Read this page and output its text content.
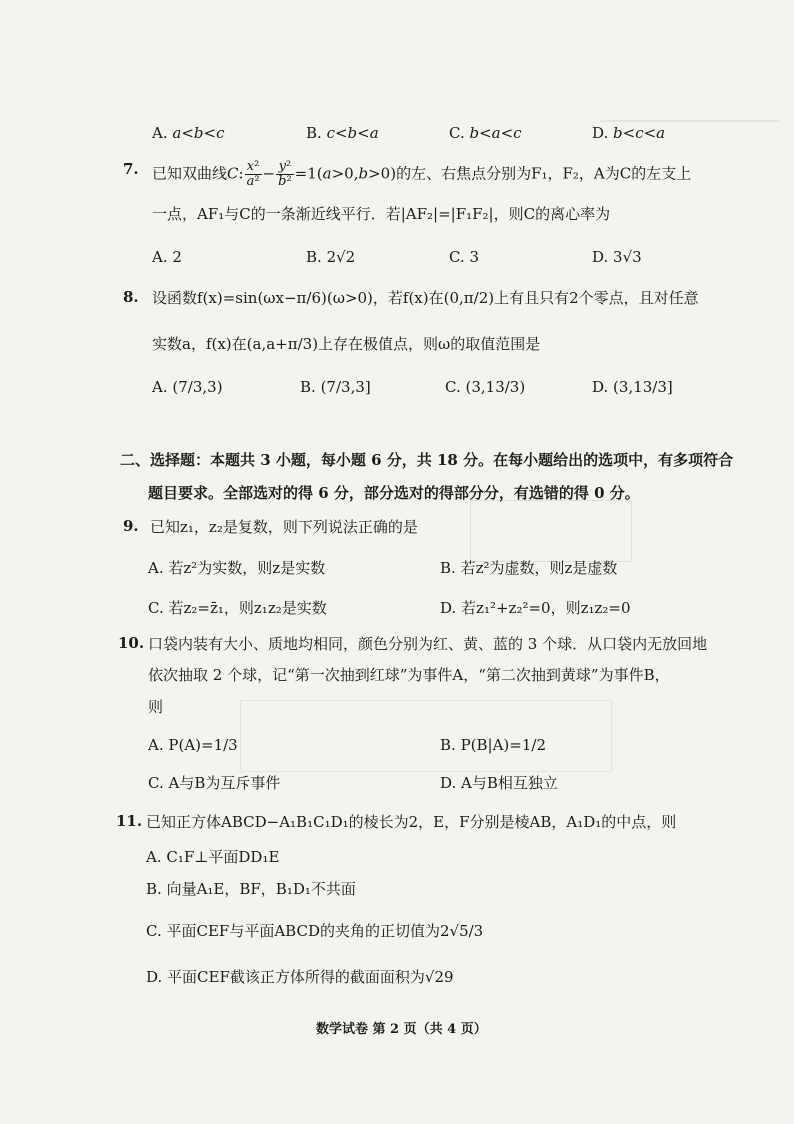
A. a<b<c	B. c<b<a	C. b<a<c	D. b<c<a
7. 已知双曲线C: $\frac{\text{x²}}{\text{a²}} - \frac{\text{y²}}{\text{b²}} =1(a>0,b>0)$的左、右焦点分别为F₁，F₂，A为C的左支上
一点，AF₁与C的一条渐近线平行．若|AF₂|=|F₁F₂|，则C的离心率为
A. 2	B. 2√2	C. 3	D. 3√3
8. 设函数f(x)=sin(ωx−π/6)(ω>0)，若f(x)在(0,π/2)上有且只有2个零点，且对任意
实数a，f(x)在(a,a+π/3)上存在极值点，则ω的取值范围是
A. (7/3,3)	B. (7/3,3]	C. (3,13/3)	D. (3,13/3]
二、选择题：本题共 3 小题，每小题 6 分，共 18 分。在每小题给出的选项中，有多项符合
题目要求。全部选对的得 6 分，部分选对的得部分分，有选错的得 0 分。
9. 已知z₁，z₂是复数，则下列说法正确的是
A. 若z²为实数，则z是实数	B. 若z²为虚数，则z是虚数
C. 若z₂=z̄₁，则z₁z₂是实数	D. 若z₁²+z₂²=0，则z₁z₂=0
10. 口袋内装有大小、质地均相同，颜色分别为红、黄、蓝的 3 个球．从口袋内无放回地
依次抽取 2 个球，记“第一次抽到红球”为事件A，“第二次抽到黄球”为事件B，
则
A. P(A)=1/3	B. P(B|A)=1/2
C. A与B为互斥事件	D. A与B相互独立
11. 已知正方体ABCD−A₁B₁C₁D₁的棱长为2，E，F分别是棱AB，A₁D₁的中点，则
A. C₁F⊥平面DD₁E
B. 向量A₁E，BF，B₁D₁不共面
C. 平面CEF与平面ABCD的夹角的正切值为2√5/3
D. 平面CEF截该正方体所得的截面面积为√29
数学试卷 第 2 页（共 4 页）
